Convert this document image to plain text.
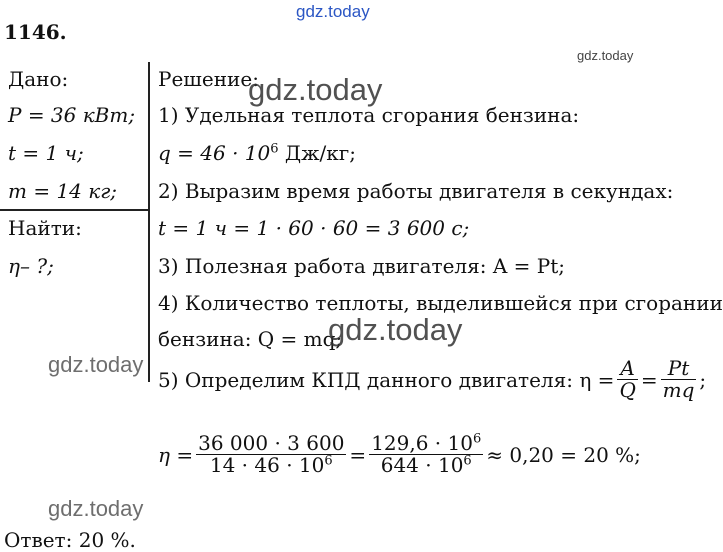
gdz.today
1146.
gdz.today
Дано:
P = 36 кВт;
t = 1 ч;
m = 14 кг;
Найти:
η– ?;
Решение:
1) Удельная теплота сгорания бензина:
$q = 46 \cdot 10^6$ Дж/кг;
2) Выразим время работы двигателя в секундах:
t = 1 ч = 1 · 60 · 60 = 3 600 с;
3) Полезная работа двигателя: A = Pt;
4) Количество теплоты, выделившейся при сгорании
бензина: Q = mq;
5) Определим КПД данного двигателя: $\eta = \frac{A}{Q} = \frac{Pt}{mq}$ ;
$\eta = \frac{36 000 \cdot 3 600}{14 \cdot 46 \cdot 10^6} = \frac{129,6 \cdot 10^6}{644 \cdot 10^6} \approx 0,20 = 20$ %;
Ответ: 20 %.
gdz.today
gdz.today
gdz.today
gdz.today
